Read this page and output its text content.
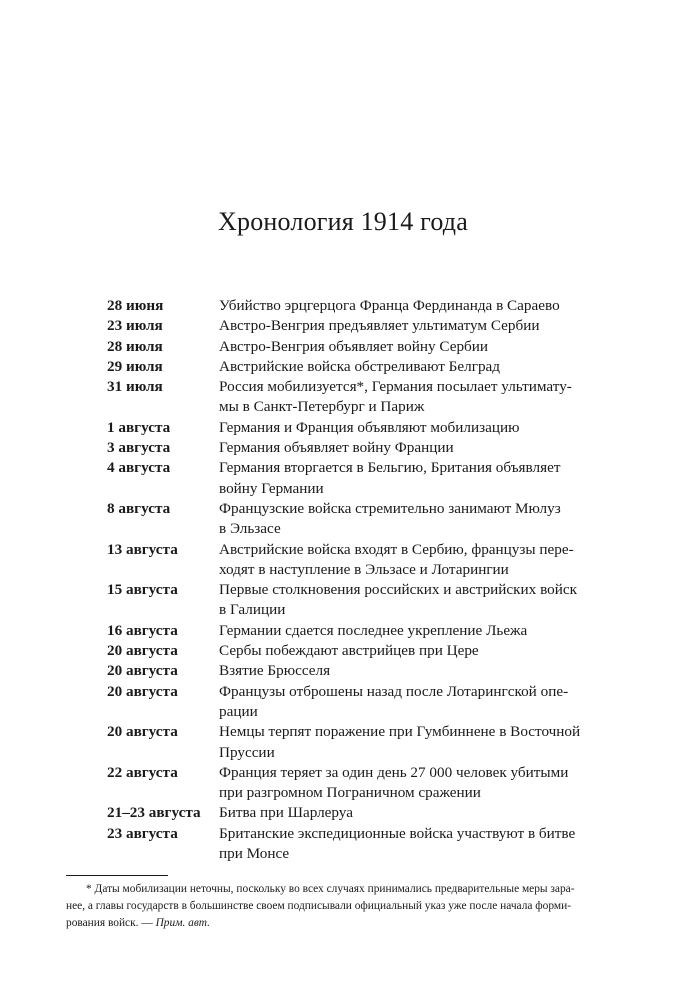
Хронология 1914 года
28 июня	Убийство эрцгерцога Франца Фердинанда в Сараево
23 июля	Австро-Венгрия предъявляет ультиматум Сербии
28 июля	Австро-Венгрия объявляет войну Сербии
29 июля	Австрийские войска обстреливают Белград
31 июля	Россия мобилизуется*, Германия посылает ультимату-
мы в Санкт-Петербург и Париж
1 августа	Германия и Франция объявляют мобилизацию
3 августа	Германия объявляет войну Франции
4 августа	Германия вторгается в Бельгию, Британия объявляет
войну Германии
8 августа	Французские войска стремительно занимают Мюлуз
в Эльзасе
13 августа	Австрийские войска входят в Сербию, французы пере-
ходят в наступление в Эльзасе и Лотарингии
15 августа	Первые столкновения российских и австрийских войск
в Галиции
16 августа	Германии сдается последнее укрепление Льежа
20 августа	Сербы побеждают австрийцев при Цере
20 августа	Взятие Брюсселя
20 августа	Французы отброшены назад после Лотарингской опе-
рации
20 августа	Немцы терпят поражение при Гумбиннене в Восточной
Пруссии
22 августа	Франция теряет за один день 27 000 человек убитыми
при разгромном Пограничном сражении
21–23 августа	Битва при Шарлеруа
23 августа	Британские экспедиционные войска участвуют в битве
при Монсе
* Даты мобилизации неточны, поскольку во всех случаях принимались предварительные меры зара-
нее, а главы государств в большинстве своем подписывали официальный указ уже после начала форми-
рования войск. — Прим. авт.
